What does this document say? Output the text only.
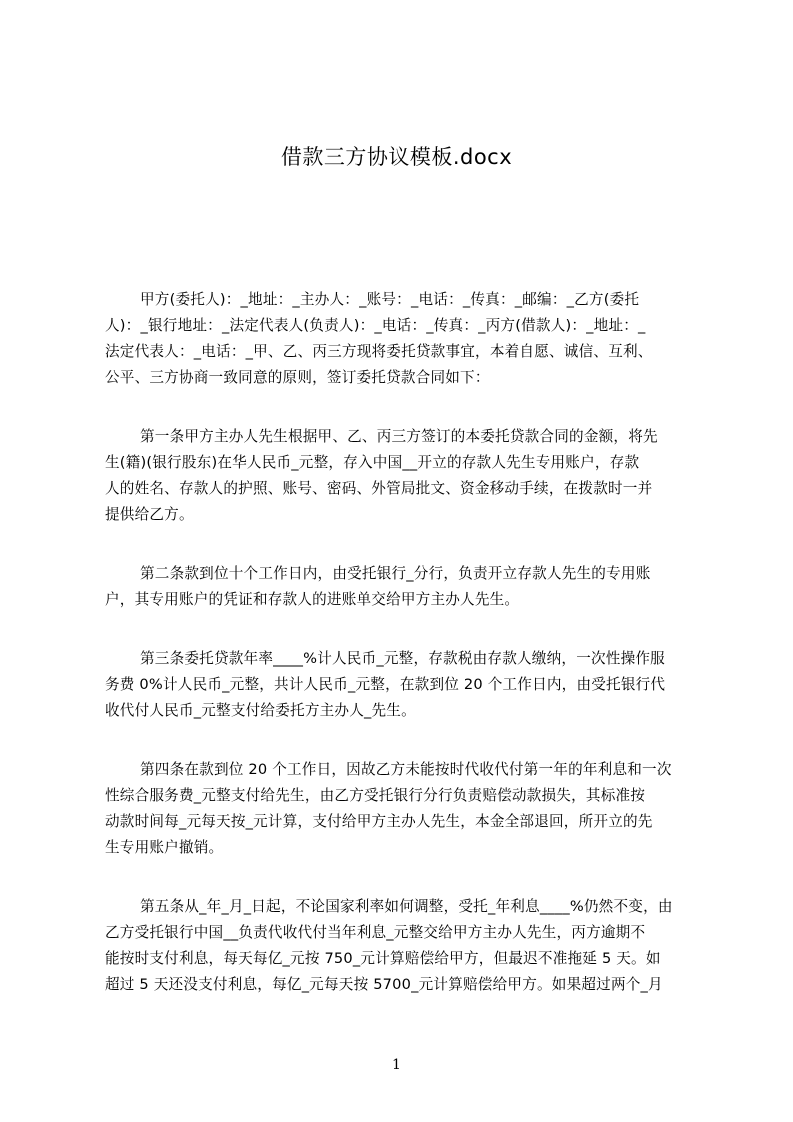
借款三方协议模板.docx
甲方(委托人)：_地址：_主办人：_账号：_电话：_传真：_邮编：_乙方(委托
人)：_银行地址：_法定代表人(负责人)：_电话：_传真：_丙方(借款人)：_地址：_
法定代表人：_电话：_甲、乙、丙三方现将委托贷款事宜，本着自愿、诚信、互利、
公平、三方协商一致同意的原则，签订委托贷款合同如下：
第一条甲方主办人先生根据甲、乙、丙三方签订的本委托贷款合同的金额，将先
生(籍)(银行股东)在华人民币_元整，存入中国__开立的存款人先生专用账户，存款
人的姓名、存款人的护照、账号、密码、外管局批文、资金移动手续，在拨款时一并
提供给乙方。
第二条款到位十个工作日内，由受托银行_分行，负责开立存款人先生的专用账
户，其专用账户的凭证和存款人的进账单交给甲方主办人先生。
第三条委托贷款年率____%计人民币_元整，存款税由存款人缴纳，一次性操作服
务费 0%计人民币_元整，共计人民币_元整，在款到位 20 个工作日内，由受托银行代
收代付人民币_元整支付给委托方主办人_先生。
第四条在款到位 20 个工作日，因故乙方未能按时代收代付第一年的年利息和一次
性综合服务费_元整支付给先生，由乙方受托银行分行负责赔偿动款损失，其标准按
动款时间每_元每天按_元计算，支付给甲方主办人先生，本金全部退回，所开立的先
生专用账户撤销。
第五条从_年_月_日起，不论国家利率如何调整，受托_年利息____%仍然不变，由
乙方受托银行中国__负责代收代付当年利息_元整交给甲方主办人先生，丙方逾期不
能按时支付利息，每天每亿_元按 750_元计算赔偿给甲方，但最迟不准拖延 5 天。如
超过 5 天还没支付利息，每亿_元每天按 5700_元计算赔偿给甲方。如果超过两个_月
1
